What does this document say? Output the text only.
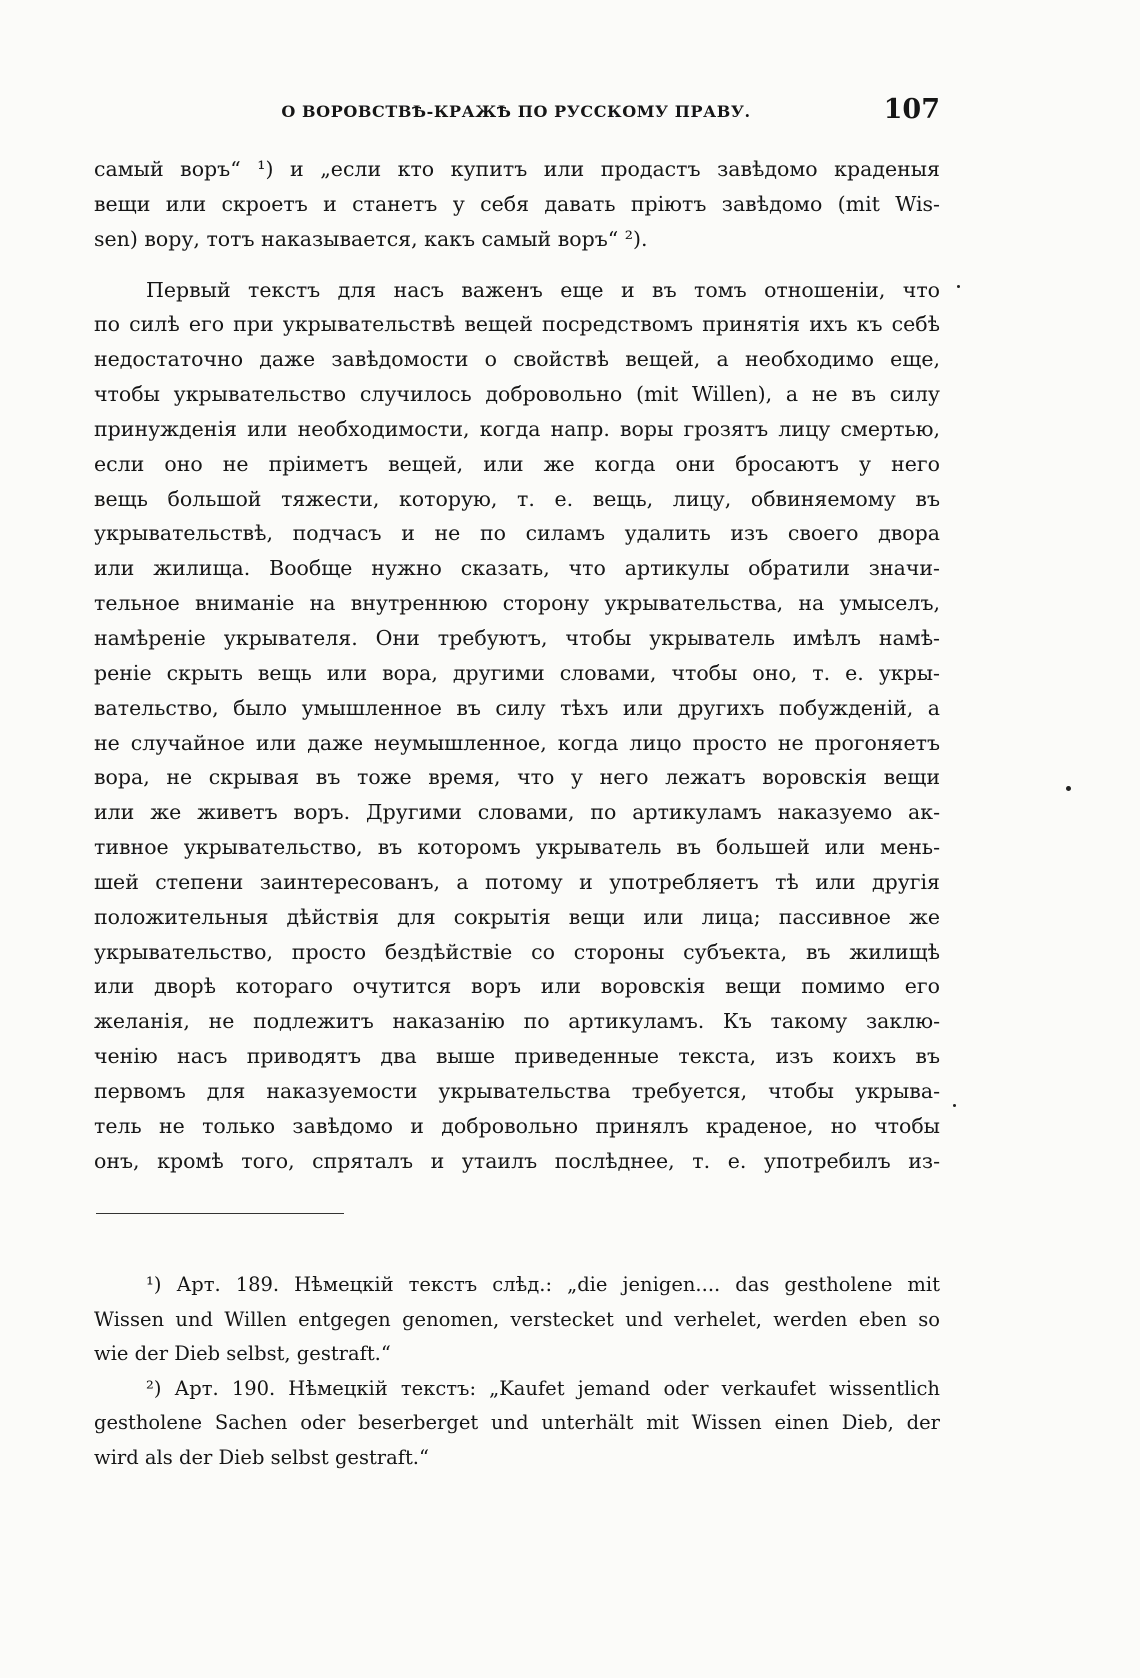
О ВОРОВСТВѢ-КРАЖѢ ПО РУССКОМУ ПРАВУ.	107
самый воръ“ ¹) и „если кто купитъ или продастъ завѣдомо краденыя
вещи или скроетъ и станетъ у себя давать пріютъ завѣдомо (mit Wis-
sen) вору, тотъ наказывается, какъ самый воръ“ ²).
Первый текстъ для насъ важенъ еще и въ томъ отношеніи, что
по силѣ его при укрывательствѣ вещей посредствомъ принятія ихъ къ себѣ
недостаточно даже завѣдомости о свойствѣ вещей, а необходимо еще,
чтобы укрывательство случилось добровольно (mit Willen), а не въ силу
принужденія или необходимости, когда напр. воры грозятъ лицу смертью,
если оно не пріиметъ вещей, или же когда они бросаютъ у него
вещь большой тяжести, которую, т. е. вещь, лицу, обвиняемому въ
укрывательствѣ, подчасъ и не по силамъ удалить изъ своего двора
или жилища. Вообще нужно сказать, что артикулы обратили значи-
тельное вниманіе на внутреннюю сторону укрывательства, на умыселъ,
намѣреніе укрывателя. Они требуютъ, чтобы укрыватель имѣлъ намѣ-
реніе скрыть вещь или вора, другими словами, чтобы оно, т. е. укры-
вательство, было умышленное въ силу тѣхъ или другихъ побужденій, а
не случайное или даже неумышленное, когда лицо просто не прогоняетъ
вора, не скрывая въ тоже время, что у него лежатъ воровскія вещи
или же живетъ воръ. Другими словами, по артикуламъ наказуемо ак-
тивное укрывательство, въ которомъ укрыватель въ большей или мень-
шей степени заинтересованъ, а потому и употребляетъ тѣ или другія
положительныя дѣйствія для сокрытія вещи или лица; пассивное же
укрывательство, просто бездѣйствіе со стороны субъекта, въ жилищѣ
или дворѣ котораго очутится воръ или воровскія вещи помимо его
желанія, не подлежитъ наказанію по артикуламъ. Къ такому заклю-
ченію насъ приводятъ два выше приведенные текста, изъ коихъ въ
первомъ для наказуемости укрывательства требуется, чтобы укрыва-
тель не только завѣдомо и добровольно принялъ краденое, но чтобы
онъ, кромѣ того, спряталъ и утаилъ послѣднее, т. е. употребилъ из-
¹) Арт. 189. Нѣмецкій текстъ слѣд.: „die jenigen.... das gestholene mit
Wissen und Willen entgegen genomen, verstecket und verhelet, werden eben so
wie der Dieb selbst, gestraft.“
²) Арт. 190. Нѣмецкій текстъ: „Kaufet jemand oder verkaufet wissentlich
gestholene Sachen oder beserberget und unterhält mit Wissen einen Dieb, der
wird als der Dieb selbst gestraft.“
